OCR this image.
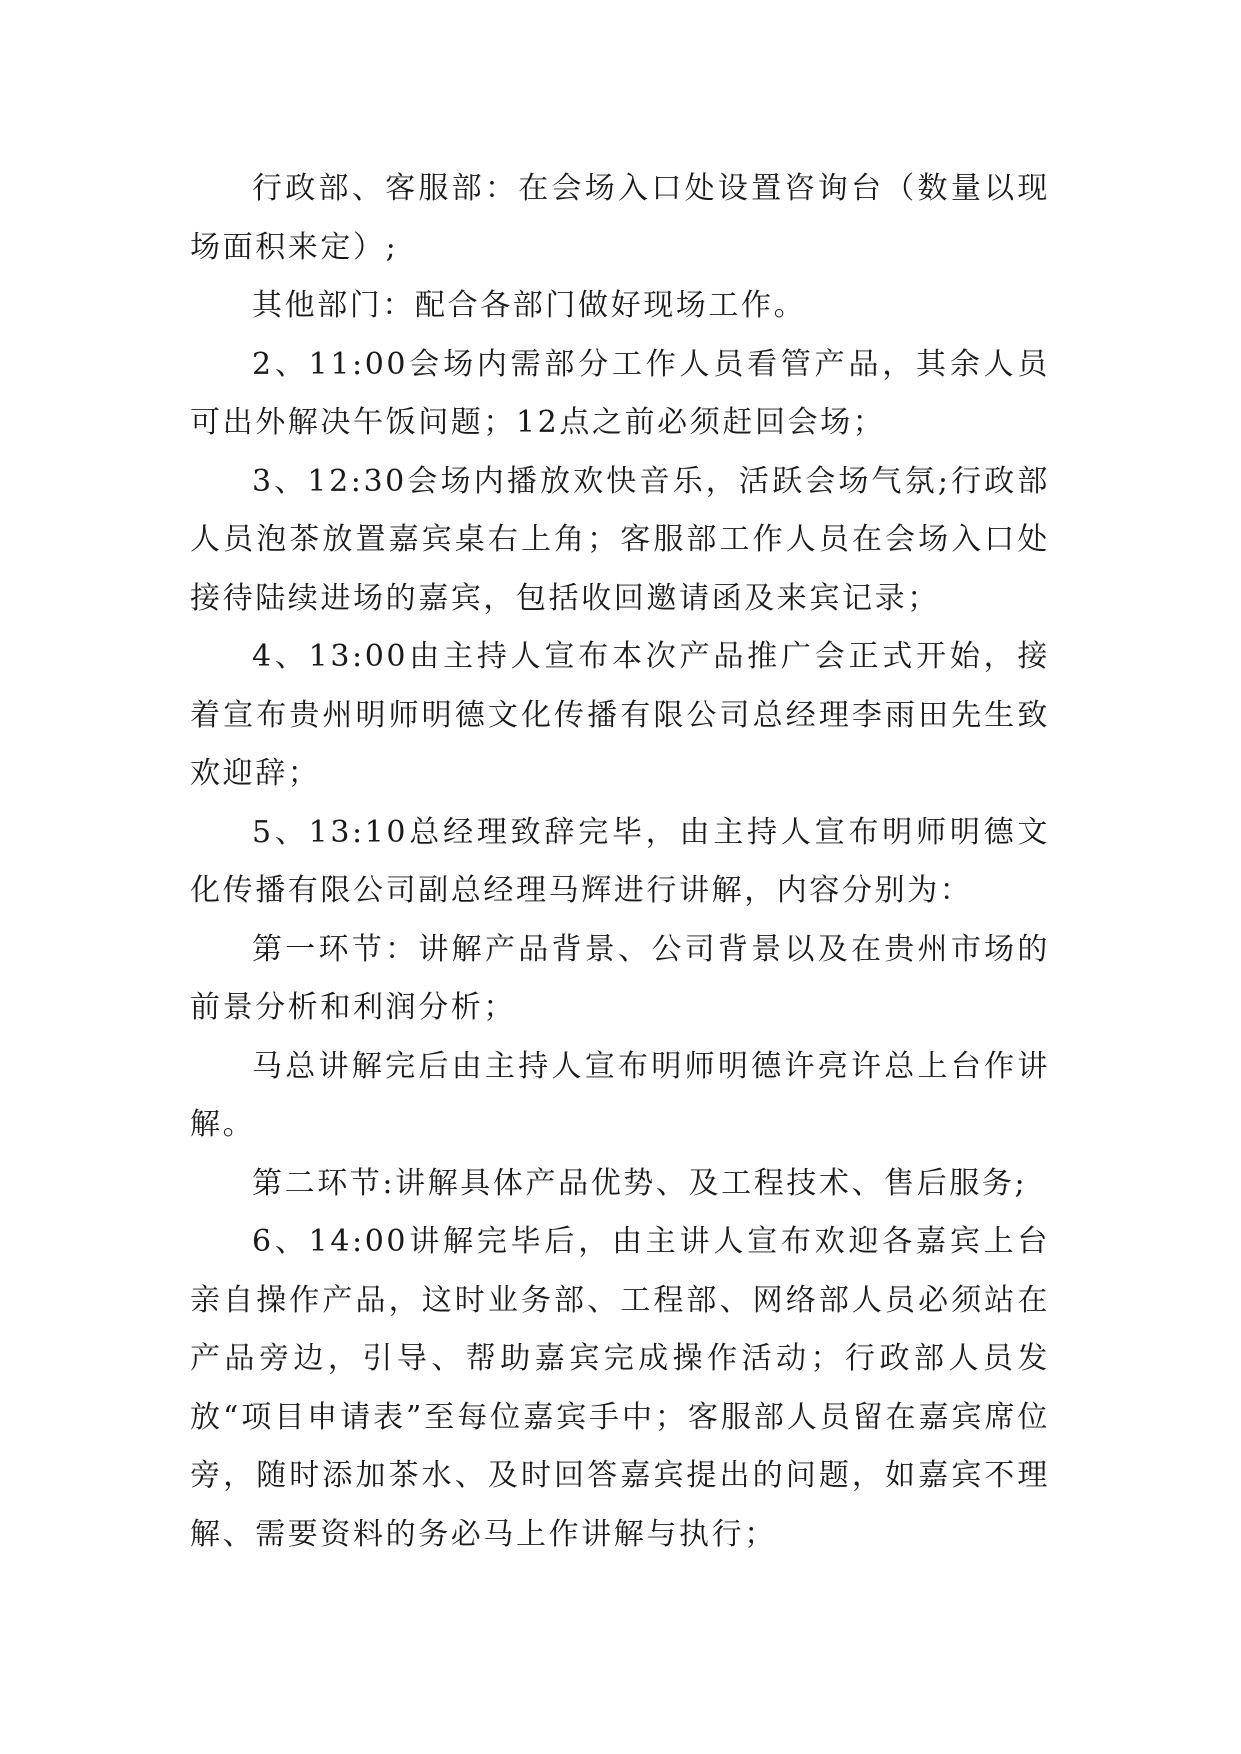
行政部、客服部：在会场入口处设置咨询台（数量以现场面积来定）;

其他部门：配合各部门做好现场工作。

2、11:00会场内需部分工作人员看管产品，其余人员可出外解决午饭问题；12点之前必须赶回会场；

3、12:30会场内播放欢快音乐，活跃会场气氛;行政部人员泡茶放置嘉宾桌右上角；客服部工作人员在会场入口处接待陆续进场的嘉宾，包括收回邀请函及来宾记录；

4、13:00由主持人宣布本次产品推广会正式开始，接着宣布贵州明师明德文化传播有限公司总经理李雨田先生致欢迎辞；

5、13:10总经理致辞完毕，由主持人宣布明师明德文化传播有限公司副总经理马辉进行讲解，内容分别为：

第一环节：讲解产品背景、公司背景以及在贵州市场的前景分析和利润分析；

马总讲解完后由主持人宣布明师明德许亮许总上台作讲解。

第二环节:讲解具体产品优势、及工程技术、售后服务;

6、14:00讲解完毕后，由主讲人宣布欢迎各嘉宾上台亲自操作产品，这时业务部、工程部、网络部人员必须站在产品旁边，引导、帮助嘉宾完成操作活动；行政部人员发放“项目申请表”至每位嘉宾手中；客服部人员留在嘉宾席位旁，随时添加茶水、及时回答嘉宾提出的问题，如嘉宾不理解、需要资料的务必马上作讲解与执行；
